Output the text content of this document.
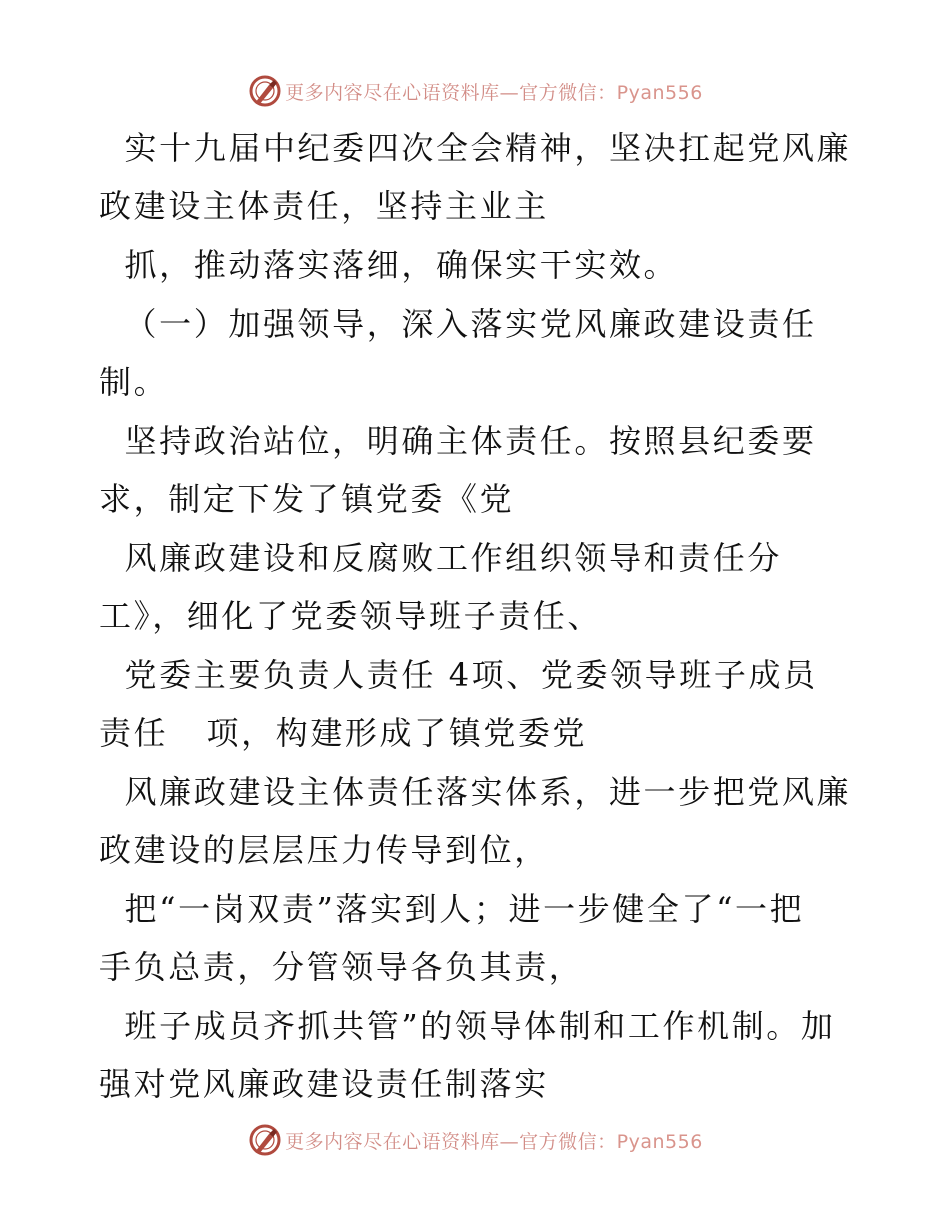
更多内容尽在心语资料库—官方微信：Pyan556
实十九届中纪委四次全会精神，坚决扛起党风廉
政建设主体责任，坚持主业主
抓，推动落实落细，确保实干实效。
（一）加强领导，深入落实党风廉政建设责任
制。
坚持政治站位，明确主体责任。按照县纪委要
求，制定下发了镇党委《党
风廉政建设和反腐败工作组织领导和责任分
工》，细化了党委领导班子责任、
党委主要负责人责任 4项、党委领导班子成员
责任   项，构建形成了镇党委党
风廉政建设主体责任落实体系，进一步把党风廉
政建设的层层压力传导到位，
把“一岗双责”落实到人；进一步健全了“一把
手负总责，分管领导各负其责，
班子成员齐抓共管”的领导体制和工作机制。加
强对党风廉政建设责任制落实
更多内容尽在心语资料库—官方微信：Pyan556
